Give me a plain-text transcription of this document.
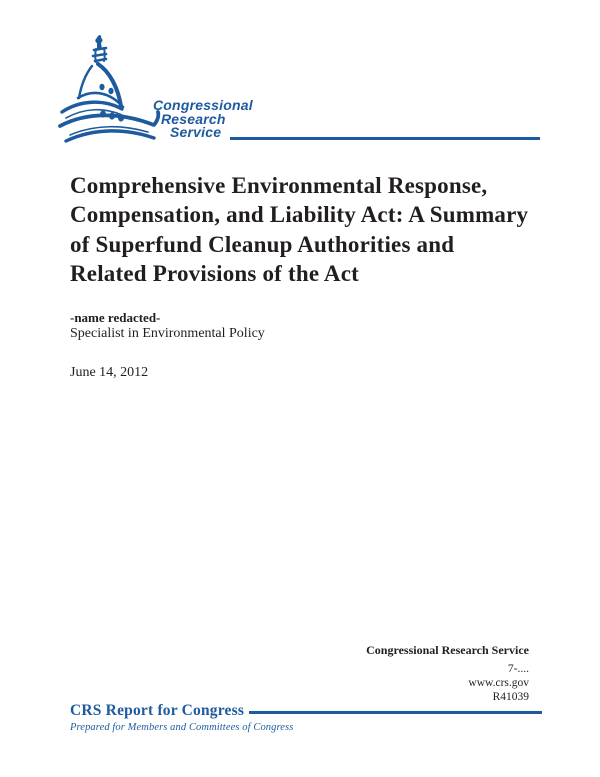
Congressional
Research
Service
Comprehensive Environmental Response,
Compensation, and Liability Act: A Summary
of Superfund Cleanup Authorities and
Related Provisions of the Act
-name redacted-
Specialist in Environmental Policy
June 14, 2012
Congressional Research Service
7-....
www.crs.gov
R41039
CRS Report for Congress
Prepared for Members and Committees of Congress
